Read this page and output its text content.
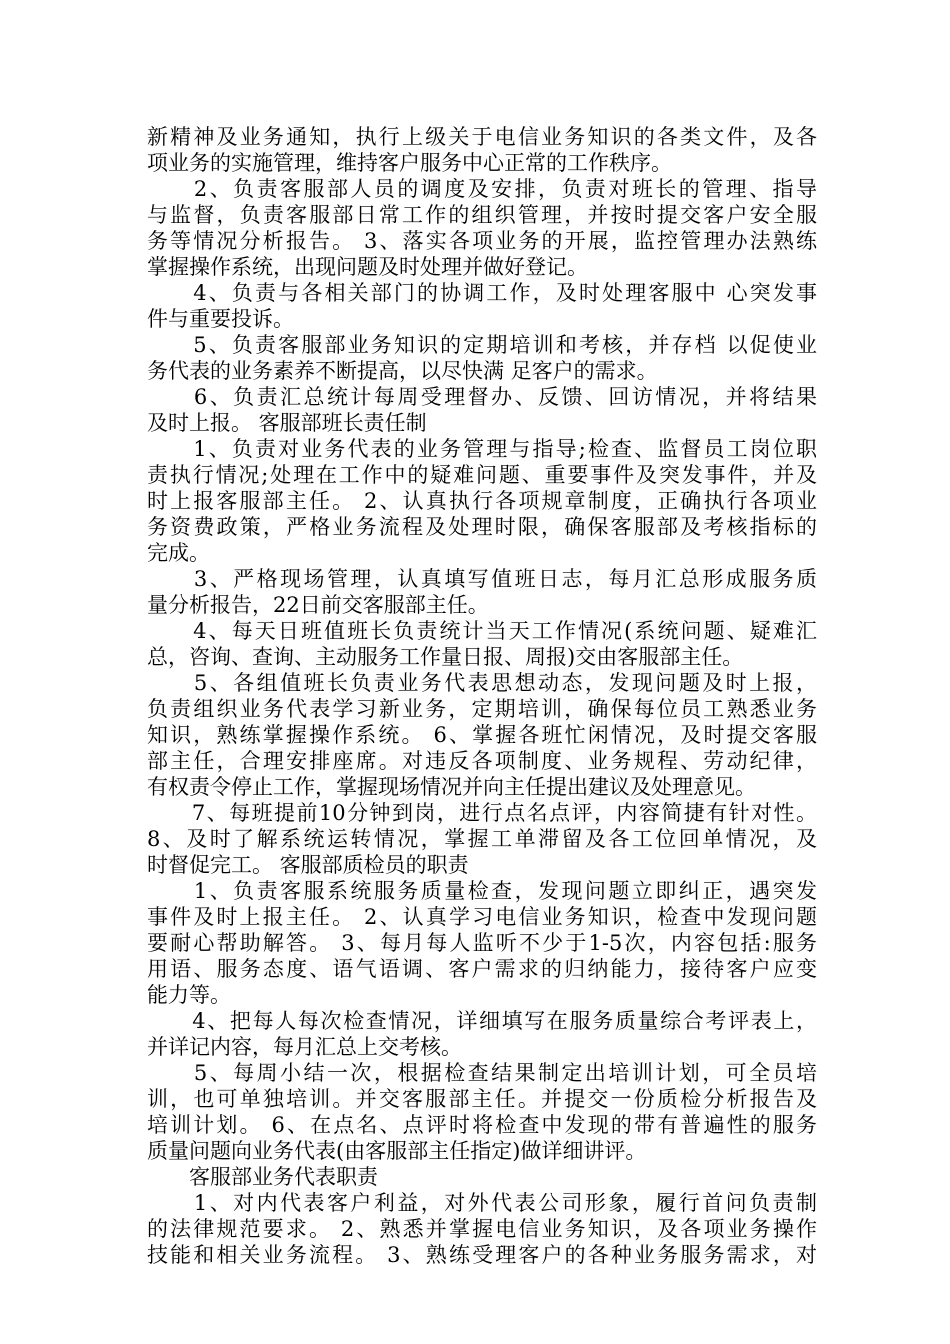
新精神及业务通知，执行上级关于电信业务知识的各类文件，及各
项业务的实施管理，维持客户服务中心正常的工作秩序。
　　2、负责客服部人员的调度及安排，负责对班长的管理、指导
与监督，负责客服部日常工作的组织管理，并按时提交客户安全服
务等情况分析报告。 3、落实各项业务的开展，监控管理办法熟练
掌握操作系统，出现问题及时处理并做好登记。
　　4、负责与各相关部门的协调工作，及时处理客服中 心突发事
件与重要投诉。
　　5、负责客服部业务知识的定期培训和考核，并存档 以促使业
务代表的业务素养不断提高，以尽快满 足客户的需求。
　　6、负责汇总统计每周受理督办、反馈、回访情况，并将结果
及时上报。 客服部班长责任制
　　1、负责对业务代表的业务管理与指导;检查、监督员工岗位职
责执行情况;处理在工作中的疑难问题、重要事件及突发事件，并及
时上报客服部主任。 2、认真执行各项规章制度，正确执行各项业
务资费政策，严格业务流程及处理时限，确保客服部及考核指标的
完成。
　　3、严格现场管理，认真填写值班日志，每月汇总形成服务质
量分析报告，22日前交客服部主任。
　　4、每天日班值班长负责统计当天工作情况(系统问题、疑难汇
总，咨询、查询、主动服务工作量日报、周报)交由客服部主任。
　　5、各组值班长负责业务代表思想动态，发现问题及时上报，
负责组织业务代表学习新业务，定期培训，确保每位员工熟悉业务
知识，熟练掌握操作系统。 6、掌握各班忙闲情况，及时提交客服
部主任，合理安排座席。对违反各项制度、业务规程、劳动纪律，
有权责令停止工作，掌握现场情况并向主任提出建议及处理意见。
　　7、每班提前10分钟到岗，进行点名点评，内容简捷有针对性。
8、及时了解系统运转情况，掌握工单滞留及各工位回单情况，及
时督促完工。 客服部质检员的职责
　　1、负责客服系统服务质量检查，发现问题立即纠正，遇突发
事件及时上报主任。 2、认真学习电信业务知识，检查中发现问题
要耐心帮助解答。 3、每月每人监听不少于1-5次，内容包括:服务
用语、服务态度、语气语调、客户需求的归纳能力，接待客户应变
能力等。
　　4、把每人每次检查情况，详细填写在服务质量综合考评表上，
并详记内容，每月汇总上交考核。
　　5、每周小结一次，根据检查结果制定出培训计划，可全员培
训，也可单独培训。并交客服部主任。并提交一份质检分析报告及
培训计划。 6、在点名、点评时将检查中发现的带有普遍性的服务
质量问题向业务代表(由客服部主任指定)做详细讲评。
　　客服部业务代表职责
　　1、对内代表客户利益，对外代表公司形象，履行首问负责制
的法律规范要求。 2、熟悉并掌握电信业务知识，及各项业务操作
技能和相关业务流程。 3、熟练受理客户的各种业务服务需求，对
